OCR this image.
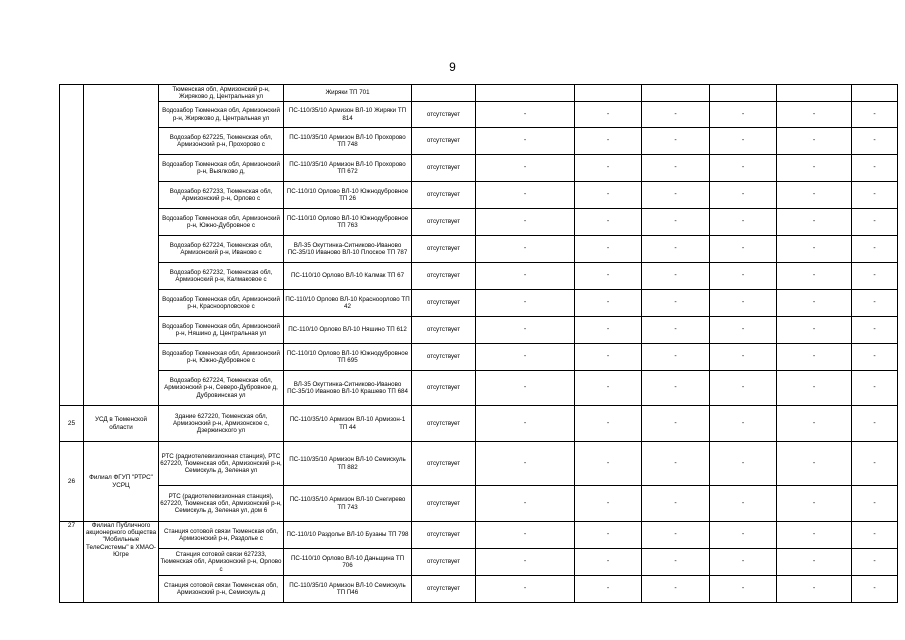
9
		Тюменская обл, Армизонский р-н, Жиряково д, Центральная ул	Жиряки ТП 701							
		Водозабор Тюменская обл, Армизонский р-н, Жиряково д, Центральная ул	ПС-110/35/10 Армизон ВЛ-10 Жиряки ТП 814	отсутствует	-	-	-	-	-	-
		Водозабор 627225, Тюменская обл, Армизонский р-н, Прохорово с	ПС-110/35/10 Армизон ВЛ-10 Прохорово ТП 748	отсутствует	-	-	-	-	-	-
		Водозабор Тюменская обл, Армизонский р-н, Выялково д,	ПС-110/35/10 Армизон ВЛ-10 Прохорово ТП 672	отсутствует	-	-	-	-	-	-
		Водозабор 627233, Тюменская обл, Армизонский р-н, Орлово с	ПС-110/10 Орлово ВЛ-10 Южнодубровное ТП 26	отсутствует	-	-	-	-	-	-
		Водозабор Тюменская обл, Армизонский р-н, Южно-Дубровное с	ПС-110/10 Орлово ВЛ-10 Южнодубровное ТП 763	отсутствует	-	-	-	-	-	-
		Водозабор 627224, Тюменская обл, Армизонский р-н, Иваново с	ВЛ-35 Окуттинка-Ситниково-Иваново ПС-35/10 Иваново ВЛ-10 Плоское ТП 787	отсутствует	-	-	-	-	-	-
		Водозабор 627232, Тюменская обл, Армизонский р-н, Калмаковое с	ПС-110/10 Орлово ВЛ-10 Калмак ТП 67	отсутствует	-	-	-	-	-	-
		Водозабор Тюменская обл, Армизонский р-н, Красноорловское с	ПС-110/10 Орлово ВЛ-10 Красноорлово ТП 42	отсутствует	-	-	-	-	-	-
		Водозабор Тюменская обл, Армизонский р-н, Няшино д, Центральная ул	ПС-110/10 Орлово ВЛ-10 Няшино ТП 612	отсутствует	-	-	-	-	-	-
		Водозабор Тюменская обл, Армизонский р-н, Южно-Дубровное с	ПС-110/10 Орлово ВЛ-10 Южнодубровное ТП 695	отсутствует	-	-	-	-	-	-
		Водозабор 627224, Тюменская обл, Армизонский р-н, Северо-Дубровное д, Дубровинская ул	ВЛ-35 Окуттинка-Ситниково-Иваново ПС-35/10 Иваново ВЛ-10 Крашево ТП 684	отсутствует	-	-	-	-	-	-
25	УСД в Тюменской области	Здание 627220, Тюменская обл, Армизонский р-н, Армизонское с, Дзержинского ул	ПС-110/35/10 Армизон ВЛ-10 Армизон-1 ТП 44	отсутствует	-	-	-	-	-	-
26	Филиал ФГУП "РТРС" УСРЦ	РТС (радиотелевизионная станция), РТС 627220, Тюменская обл, Армизонский р-н, Семискуль д, Зеленая ул	ПС-110/35/10 Армизон ВЛ-10 Семискуль ТП 882	отсутствует	-	-	-	-	-	-
		РТС (радиотелевизионная станция), 627220, Тюменская обл, Армизонский р-н, Семискуль д, Зеленая ул, дом 6	ПС-110/35/10 Армизон ВЛ-10 Снегирево ТП 743	отсутствует	-	-	-	-	-	-
27	Филиал Публичного акционерного общества "Мобильные ТелеСистемы" в ХМАО-Югре	Станция сотовой связи Тюменская обл, Армизонский р-н, Раздолье с	ПС-110/10 Раздолье ВЛ-10 Бузаны ТП 798	отсутствует	-	-	-	-	-	-
		Станция сотовой связи 627233, Тюменская обл, Армизонский р-н, Орлово с	ПС-110/10 Орлово ВЛ-10 Даньщина ТП 706	отсутствует	-	-	-	-	-	-
		Станция сотовой связи Тюменская обл, Армизонский р-н, Семискуль д	ПС-110/35/10 Армизон ВЛ-10 Семискуль ТП П46	отсутствует	-	-	-	-	-	-
